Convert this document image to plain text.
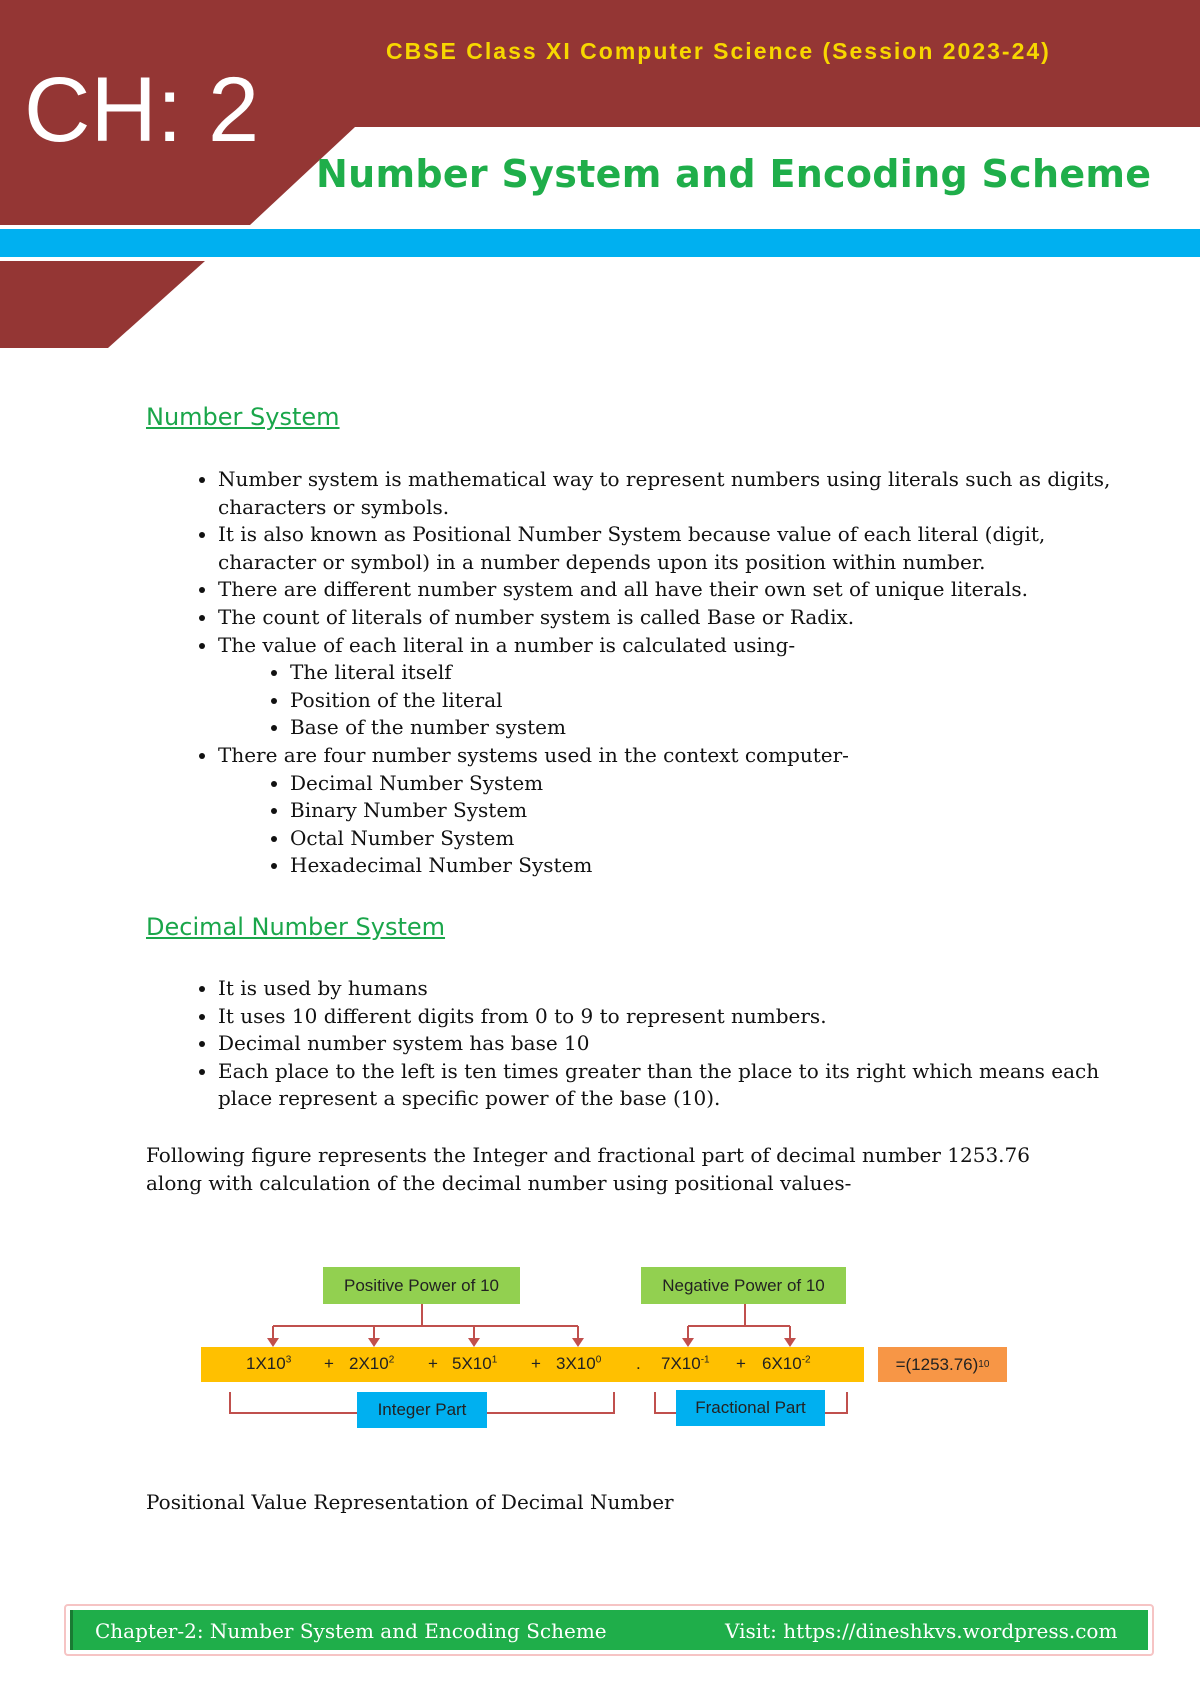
CBSE Class XI Computer Science (Session 2023-24)
CH: 2
Number System and Encoding Scheme
Number System
• Number system is mathematical way to represent numbers using literals such as digits, characters or symbols.
• It is also known as Positional Number System because value of each literal (digit, character or symbol) in a number depends upon its position within number.
• There are different number system and all have their own set of unique literals.
• The count of literals of number system is called Base or Radix.
• The value of each literal in a number is calculated using-
• The literal itself
• Position of the literal
• Base of the number system
• There are four number systems used in the context computer-
• Decimal Number System
• Binary Number System
• Octal Number System
• Hexadecimal Number System
Decimal Number System
• It is used by humans
• It uses 10 different digits from 0 to 9 to represent numbers.
• Decimal number system has base 10
• Each place to the left is ten times greater than the place to its right which means each place represent a specific power of the base (10).
Following figure represents the Integer and fractional part of decimal number 1253.76 along with calculation of the decimal number using positional values-
Positive Power of 10	Negative Power of 10
$1X10^3 + 2X10^2 + 5X10^1 + 3X10^0$ . $7X10^{-1} + 6X10^{-2}$	=(1253.76) 10
Integer Part	Fractional Part
Positional Value Representation of Decimal Number
Chapter-2: Number System and Encoding Scheme	Visit: https://dineshkvs.wordpress.com
